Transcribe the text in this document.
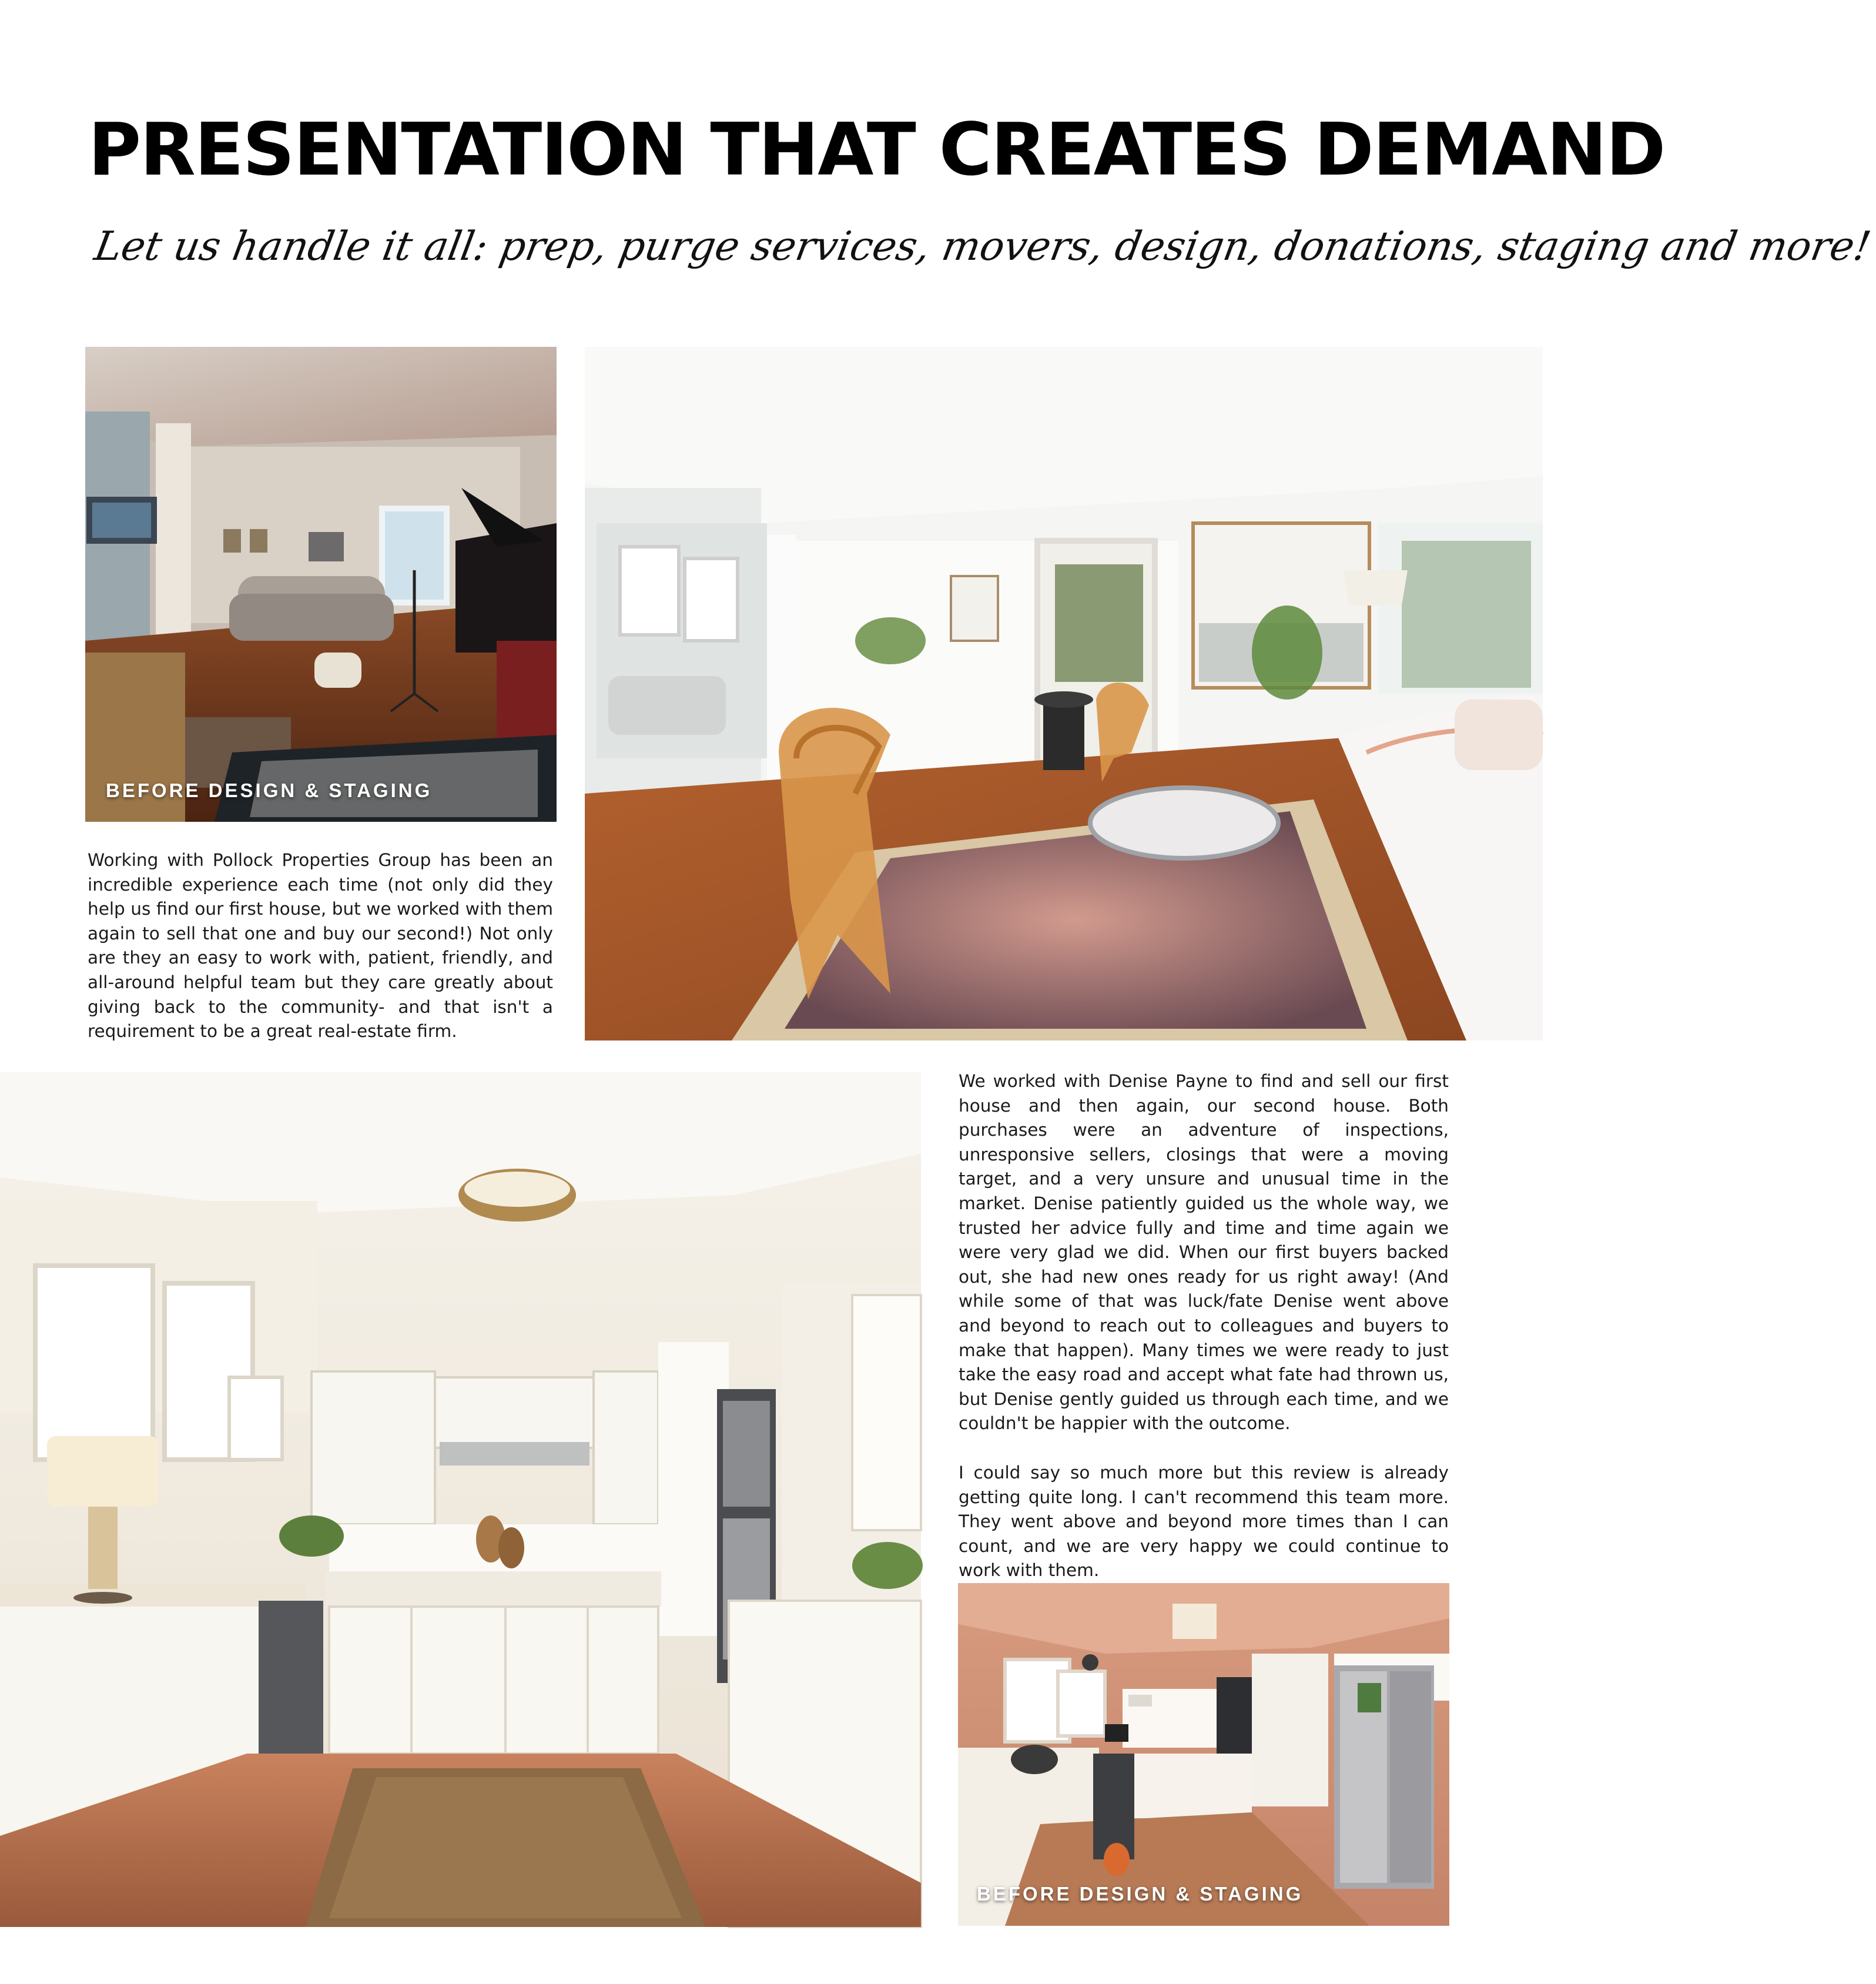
PRESENTATION THAT CREATES DEMAND
Let us handle it all: prep, purge services, movers, design, donations, staging and more!
BEFORE DESIGN & STAGING

Working with Pollock Properties Group has been an incredible experience each time (not only did they help us find our first house, but we worked with them again to sell that one and buy our second!) Not only are they an easy to work with, patient, friendly, and all-around helpful team but they care greatly about giving back to the community- and that isn't a requirement to be a great real-estate firm.

We worked with Denise Payne to find and sell our first house and then again, our second house. Both purchases were an adventure of inspections, unresponsive sellers, closings that were a moving target, and a very unsure and unusual time in the market. Denise patiently guided us the whole way, we trusted her advice fully and time and time again we were very glad we did. When our first buyers backed out, she had new ones ready for us right away! (And while some of that was luck/fate Denise went above and beyond to reach out to colleagues and buyers to make that happen). Many times we were ready to just take the easy road and accept what fate had thrown us, but Denise gently guided us through each time, and we couldn't be happier with the outcome.

I could say so much more but this review is already getting quite long. I can't recommend this team more. They went above and beyond more times than I can count, and we are very happy we could continue to work with them.

BEFORE DESIGN & STAGING
